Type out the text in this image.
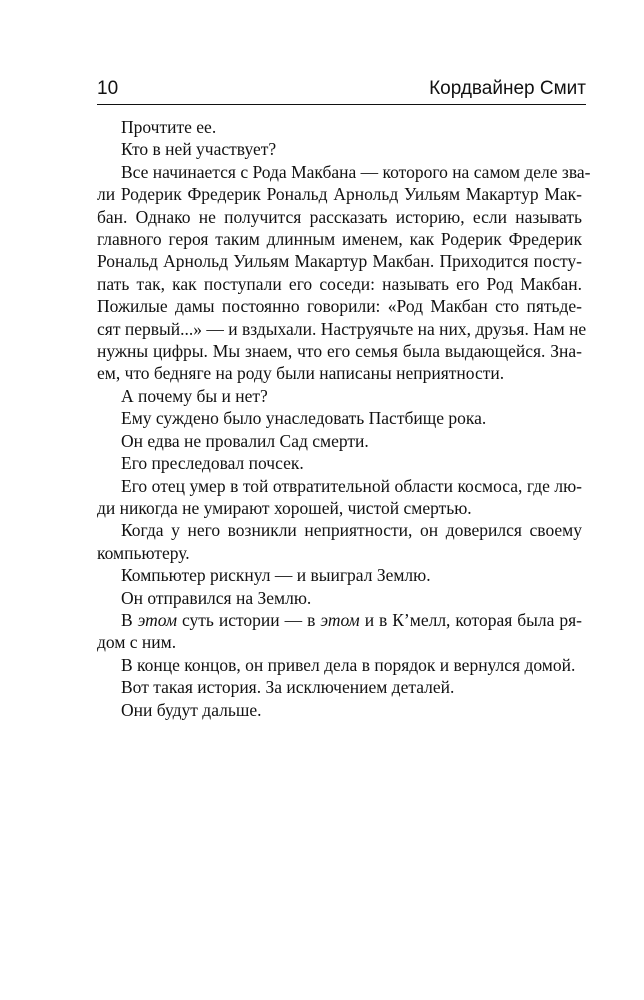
10	Кордвайнер Смит

Прочтите ее.

Кто в ней участвует?

Все начинается с Рода Макбана — которого на самом деле зва-
ли Родерик Фредерик Рональд Арнольд Уильям Макартур Мак-
бан. Однако не получится рассказать историю, если называть
главного героя таким длинным именем, как Родерик Фредерик
Рональд Арнольд Уильям Макартур Макбан. Приходится посту-
пать так, как поступали его соседи: называть его Род Макбан.
Пожилые дамы постоянно говорили: «Род Макбан сто пятьде-
сят первый...» — и вздыхали. Наструячьте на них, друзья. Нам не
нужны цифры. Мы знаем, что его семья была выдающейся. Зна-
ем, что бедняге на роду были написаны неприятности.

А почему бы и нет?

Ему суждено было унаследовать Пастбище рока.

Он едва не провалил Сад смерти.

Его преследовал почсек.

Его отец умер в той отвратительной области космоса, где лю-
ди никогда не умирают хорошей, чистой смертью.
Когда у него возникли неприятности, он доверился своему
компьютеру.

Компьютер рискнул — и выиграл Землю.

Он отправился на Землю.

В этом суть истории — в этом и в К’мелл, которая была ря-
дом с ним.

В конце концов, он привел дела в порядок и вернулся домой.

Вот такая история. За исключением деталей.

Они будут дальше.
